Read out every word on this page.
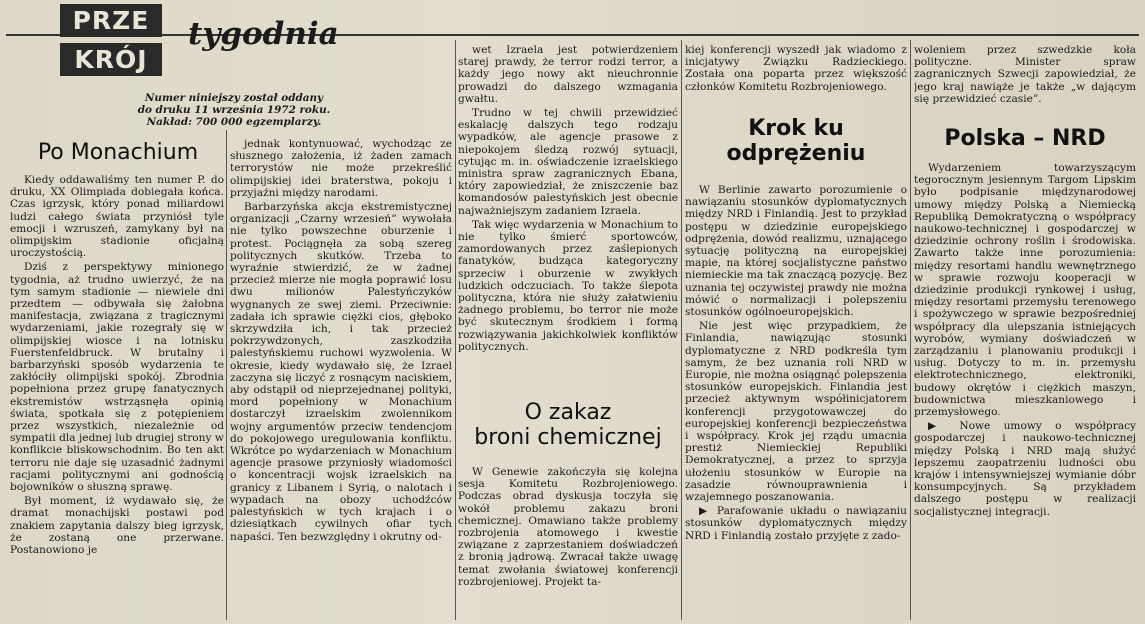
PRZE
KRÓJ
tygodnia
Numer niniejszy został oddany
do druku 11 września 1972 roku.
Nakład: 700 000 egzemplarzy.
Po Monachium

Kiedy oddawaliśmy ten numer P. do druku, XX Olimpiada dobiegała końca. Czas igrzysk, który ponad miliardowi ludzi całego świata przyniósł tyle emocji i wzruszeń, zamykany był na olimpijskim stadionie oficjalną uroczystością.

Dziś z perspektywy minionego tygodnia, aż trudno uwierzyć, że na tym samym stadionie — niewiele dni przedtem — odbywała się żałobna manifestacja, związana z tragicznymi wydarzeniami, jakie rozegrały się w olimpijskiej wiosce i na lotnisku Fuerstenfeldbruck. W brutalny i barbarzyński sposób wydarzenia te zakłóciły olimpijski spokój. Zbrodnia popełniona przez grupę fanatycznych ekstremistów wstrząsnęła opinią świata, spotkała się z potępieniem przez wszystkich, niezależnie od sympatii dla jednej lub drugiej strony w konflikcie bliskowschodnim. Bo ten akt terroru nie daje się uzasadnić żadnymi racjami politycznymi ani godnością bojowników o słuszną sprawę.

Był moment, iż wydawało się, że dramat monachijski postawi pod znakiem zapytania dalszy bieg igrzysk, że zostaną one przerwane. Postanowiono je

jednak kontynuować, wychodząc ze słusznego założenia, iż żaden zamach terrorystów nie może przekreślić olimpijskiej idei braterstwa, pokoju i przyjaźni między narodami.

Barbarzyńska akcja ekstremistycznej organizacji „Czarny wrzesień” wywołała nie tylko powszechne oburzenie i protest. Pociągnęła za sobą szereg politycznych skutków. Trzeba to wyraźnie stwierdzić, że w żadnej przecież mierze nie mogła poprawić losu dwu milionów Palestyńczyków wygnanych ze swej ziemi. Przeciwnie: zadała ich sprawie ciężki cios, głęboko skrzywdziła ich, i tak przecież pokrzywdzonych, zaszkodziła palestyńskiemu ruchowi wyzwolenia. W okresie, kiedy wydawało się, że Izrael zaczyna się liczyć z rosnącym naciskiem, aby odstąpił od nieprzejednanej polityki, mord popełniony w Monachium dostarczył izraelskim zwolennikom wojny argumentów przeciw tendencjom do pokojowego uregulowania konfliktu. Wkrótce po wydarzeniach w Monachium agencje prasowe przyniosły wiadomości o koncentracji wojsk izraelskich na granicy z Libanem i Syrią, o nalotach i wypadach na obozy uchodźców palestyńskich w tych krajach i o dziesiątkach cywilnych ofiar tych napaści. Ten bezwzględny i okrutny od-

wet Izraela jest potwierdzeniem starej prawdy, że terror rodzi terror, a każdy jego nowy akt nieuchronnie prowadzi do dalszego wzmagania gwałtu.

Trudno w tej chwili przewidzieć eskalację dalszych tego rodzaju wypadków, ale agencje prasowe z niepokojem śledzą rozwój sytuacji, cytując m. in. oświadczenie izraelskiego ministra spraw zagranicznych Ebana, który zapowiedział, że zniszczenie baz komandosów palestyńskich jest obecnie najważniejszym zadaniem Izraela.

Tak więc wydarzenia w Monachium to nie tylko śmierć sportowców, zamordowanych przez zaślepionych fanatyków, budząca kategoryczny sprzeciw i oburzenie w zwykłych ludzkich odczuciach. To także ślepota polityczna, która nie służy załatwieniu żadnego problemu, bo terror nie może być skutecznym środkiem i formą rozwiązywania jakichkolwiek konfliktów politycznych.

O zakaz
broni chemicznej

W Genewie zakończyła się kolejna sesja Komitetu Rozbrojeniowego. Podczas obrad dyskusja toczyła się wokół problemu zakazu broni chemicznej. Omawiano także problemy rozbrojenia atomowego i kwestie związane z zaprzestaniem doświadczeń z bronią jądrową. Zwracał także uwagę temat zwołania światowej konferencji rozbrojeniowej. Projekt ta-

kiej konferencji wyszedł jak wiadomo z inicjatywy Związku Radzieckiego. Została ona poparta przez większość członków Komitetu Rozbrojeniowego.

Krok ku
odprężeniu

W Berlinie zawarto porozumienie o nawiązaniu stosunków dyplomatycznych między NRD i Finlandią. Jest to przykład postępu w dziedzinie europejskiego odprężenia, dowód realizmu, uznającego sytuację polityczną na europejskiej mapie, na której socjalistyczne państwo niemieckie ma tak znaczącą pozycję. Bez uznania tej oczywistej prawdy nie można mówić o normalizacji i polepszeniu stosunków ogólnoeuropejskich.

Nie jest więc przypadkiem, że Finlandia, nawiązując stosunki dyplomatyczne z NRD podkreśla tym samym, że bez uznania roli NRD w Europie, nie można osiągnąć polepszenia stosunków europejskich. Finlandia jest przecież aktywnym współinicjatorem konferencji przygotowawczej do europejskiej konferencji bezpieczeństwa i współpracy. Krok jej rządu umacnia prestiż Niemieckiej Republiki Demokratycznej, a przez to sprzyja ułożeniu stosunków w Europie na zasadzie równouprawnienia i wzajemnego poszanowania.

▶ Parafowanie układu o nawiązaniu stosunków dyplomatycznych między NRD i Finlandią zostało przyjęte z zado-

woleniem przez szwedzkie koła polityczne. Minister spraw zagranicznych Szwecji zapowiedział, że jego kraj nawiąże je także „w dającym się przewidzieć czasie”.

Polska – NRD

Wydarzeniem towarzyszącym tegorocznym jesiennym Targom Lipskim było podpisanie międzynarodowej umowy między Polską a Niemiecką Republiką Demokratyczną o współpracy naukowo-technicznej i gospodarczej w dziedzinie ochrony roślin i środowiska. Zawarto także inne porozumienia: między resortami handlu wewnętrznego w sprawie rozwoju kooperacji w dziedzinie produkcji rynkowej i usług, między resortami przemysłu terenowego i spożywczego w sprawie bezpośredniej współpracy dla ulepszania istniejących wyrobów, wymiany doświadczeń w zarządzaniu i planowaniu produkcji i usług. Dotyczy to m. in. przemysłu elektrotechnicznego, elektroniki, budowy okrętów i ciężkich maszyn, budownictwa mieszkaniowego i przemysłowego.

▶ Nowe umowy o współpracy gospodarczej i naukowo-technicznej między Polską i NRD mają służyć lepszemu zaopatrzeniu ludności obu krajów i intensywniejszej wymianie dóbr konsumpcyjnych. Są przykładem dalszego postępu w realizacji socjalistycznej integracji.
